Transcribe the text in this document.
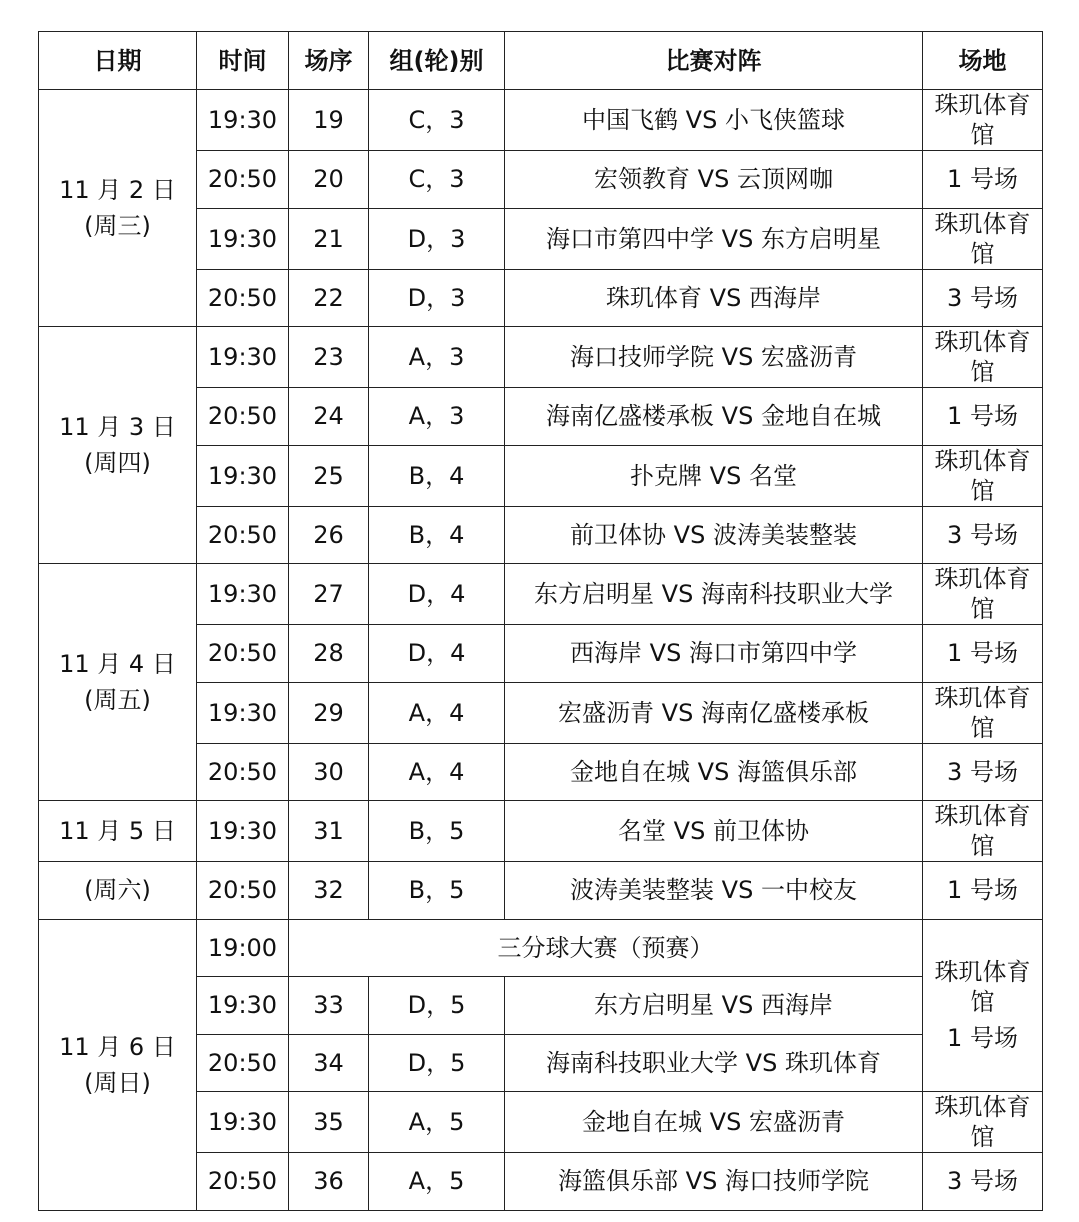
日期	时间	场序	组(轮)别	比赛对阵	场地

11 月 2 日
(周三)	19:30	19	C，3	中国飞鹤 VS 小飞侠篮球	珠玑体育馆
	20:50	20	C，3	宏领教育 VS 云顶网咖	1 号场
	19:30	21	D，3	海口市第四中学 VS 东方启明星	珠玑体育馆
	20:50	22	D，3	珠玑体育 VS 西海岸	3 号场

11 月 3 日
(周四)	19:30	23	A，3	海口技师学院 VS 宏盛沥青	珠玑体育馆
	20:50	24	A，3	海南亿盛楼承板 VS 金地自在城	1 号场
	19:30	25	B，4	扑克牌 VS 名堂	珠玑体育馆
	20:50	26	B，4	前卫体协 VS 波涛美装整装	3 号场

11 月 4 日
(周五)	19:30	27	D，4	东方启明星 VS 海南科技职业大学	珠玑体育馆
	20:50	28	D，4	西海岸 VS 海口市第四中学	1 号场
	19:30	29	A，4	宏盛沥青 VS 海南亿盛楼承板	珠玑体育馆
	20:50	30	A，4	金地自在城 VS 海篮俱乐部	3 号场
11 月 5 日	19:30	31	B，5	名堂 VS 前卫体协	珠玑体育馆
(周六)	20:50	32	B，5	波涛美装整装 VS 一中校友	1 号场

11 月 6 日
(周日)	19:00	三分球大赛（预赛）			珠玑体育馆
1 号场

	19:30	33	D，5	东方启明星 VS 西海岸	
	20:50	34	D，5	海南科技职业大学 VS 珠玑体育	
	19:30	35	A，5	金地自在城 VS 宏盛沥青	珠玑体育馆
	20:50	36	A，5	海篮俱乐部 VS 海口技师学院	3 号场
